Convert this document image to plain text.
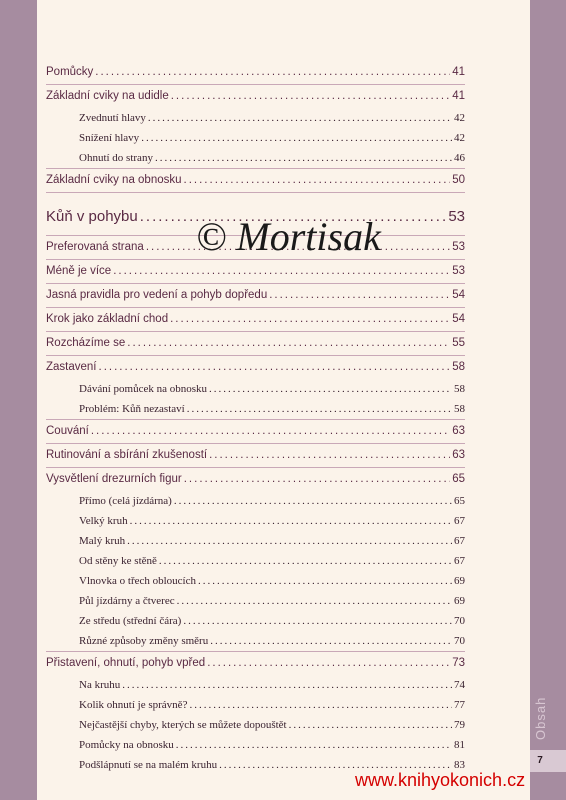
Pomůcky .....	41
Základní cviky na udidle .....	41
Zvednutí hlavy .....	42
Snížení hlavy .....	42
Ohnutí do strany .....	46
Základní cviky na obnosku .....	50
Kůň v pohybu .....	53
Preferovaná strana .....	53
Méně je více .....	53
Jasná pravidla pro vedení a pohyb dopředu .....	54
Krok jako základní chod .....	54
Rozcházíme se .....	55
Zastavení .....	58
Dávání pomůcek na obnosku .....	58
Problém: Kůň nezastaví .....	58
Couvání .....	63
Rutinování a sbírání zkušeností .....	63
Vysvětlení drezurních figur .....	65
Přímo (celá jízdárna) .....	65
Velký kruh .....	67
Malý kruh .....	67
Od stěny ke stěně .....	67
Vlnovka o třech obloucích .....	69
Půl jízdárny a čtverec .....	69
Ze středu (střední čára) .....	70
Různé způsoby změny směru .....	70
Přistavení, ohnutí, pohyb vpřed .....	73
Na kruhu .....	74
Kolik ohnutí je správně? .....	77
Nejčastější chyby, kterých se můžete dopouštět .....	79
Pomůcky na obnosku .....	81
Podšlápnutí se na malém kruhu .....	83
© Mortisak
Obsah
7
www.knihyokonich.cz
